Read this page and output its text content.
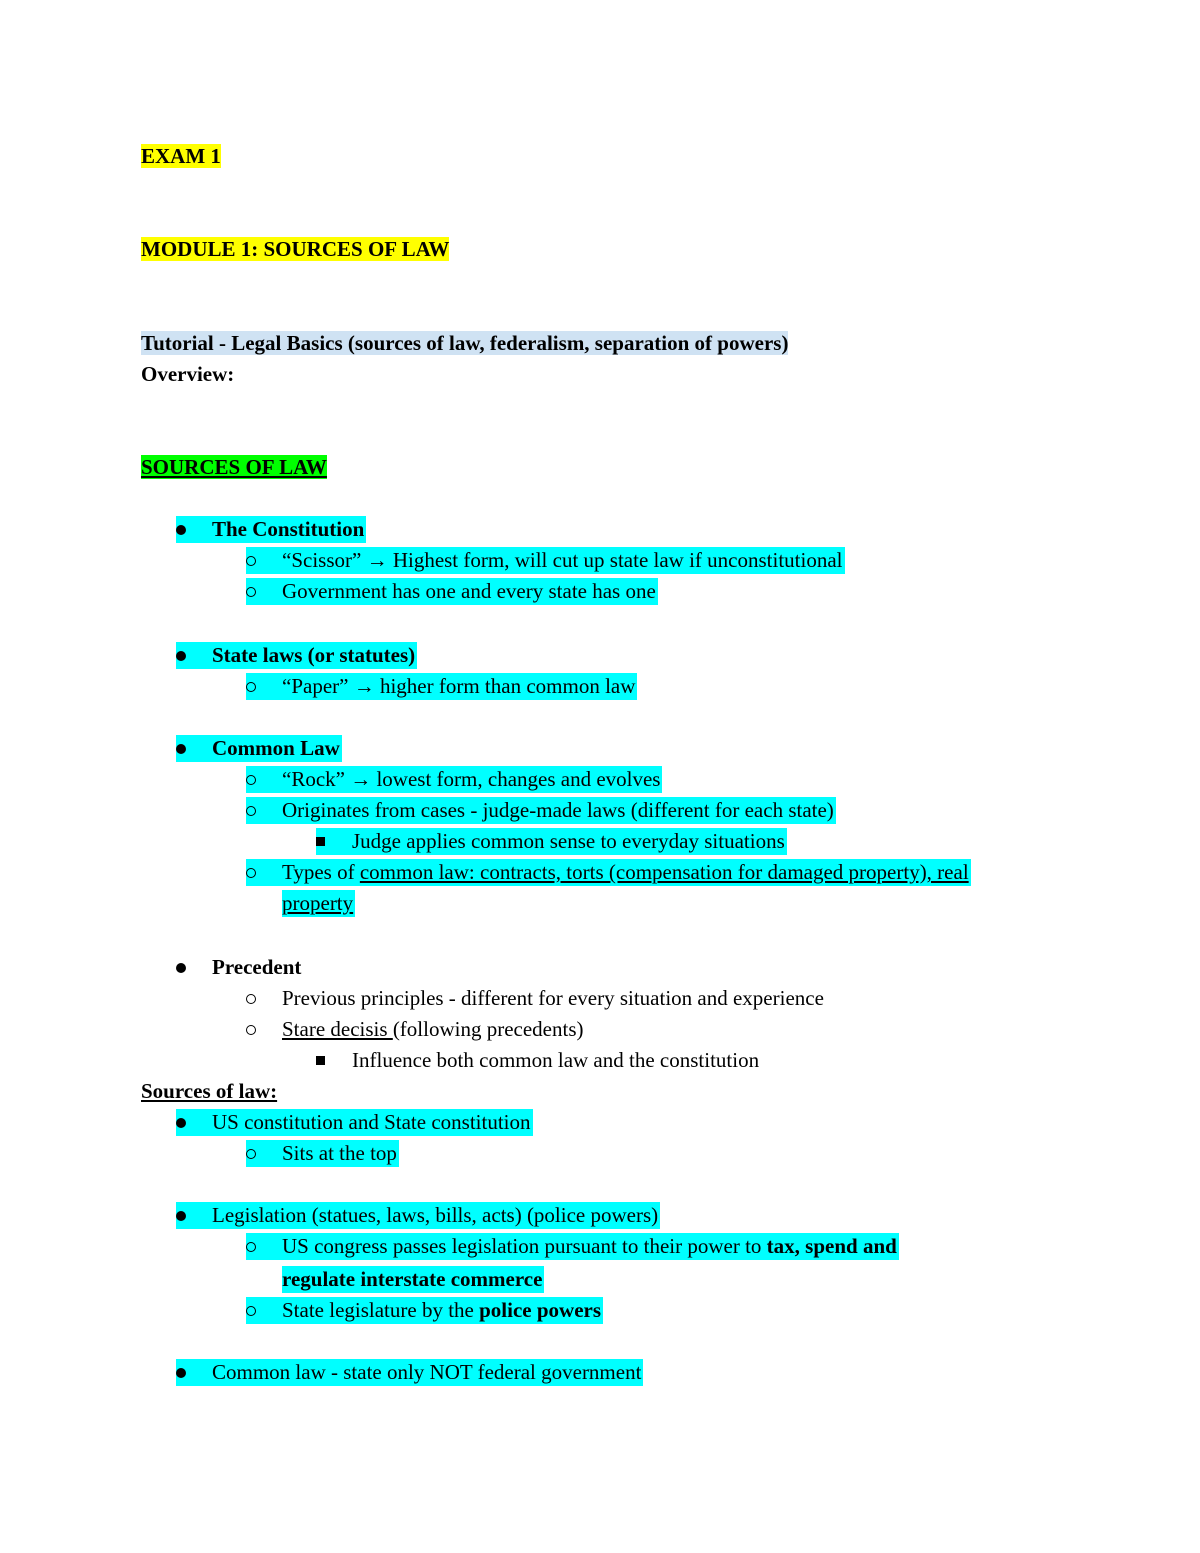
EXAM 1
MODULE 1: SOURCES OF LAW
Tutorial - Legal Basics (sources of law, federalism, separation of powers)
Overview:
SOURCES OF LAW
The Constitution
“Scissor” → Highest form, will cut up state law if unconstitutional
Government has one and every state has one
State laws (or statutes)
“Paper” → higher form than common law
Common Law
“Rock” → lowest form, changes and evolves
Originates from cases - judge-made laws (different for each state)
Judge applies common sense to everyday situations
Types of common law: contracts, torts (compensation for damaged property), real
property
Precedent
Previous principles - different for every situation and experience
Stare decisis (following precedents)
Influence both common law and the constitution
Sources of law:
US constitution and State constitution
Sits at the top
Legislation (statues, laws, bills, acts) (police powers)
US congress passes legislation pursuant to their power to tax, spend and
regulate interstate commerce
State legislature by the police powers
Common law - state only NOT federal government
